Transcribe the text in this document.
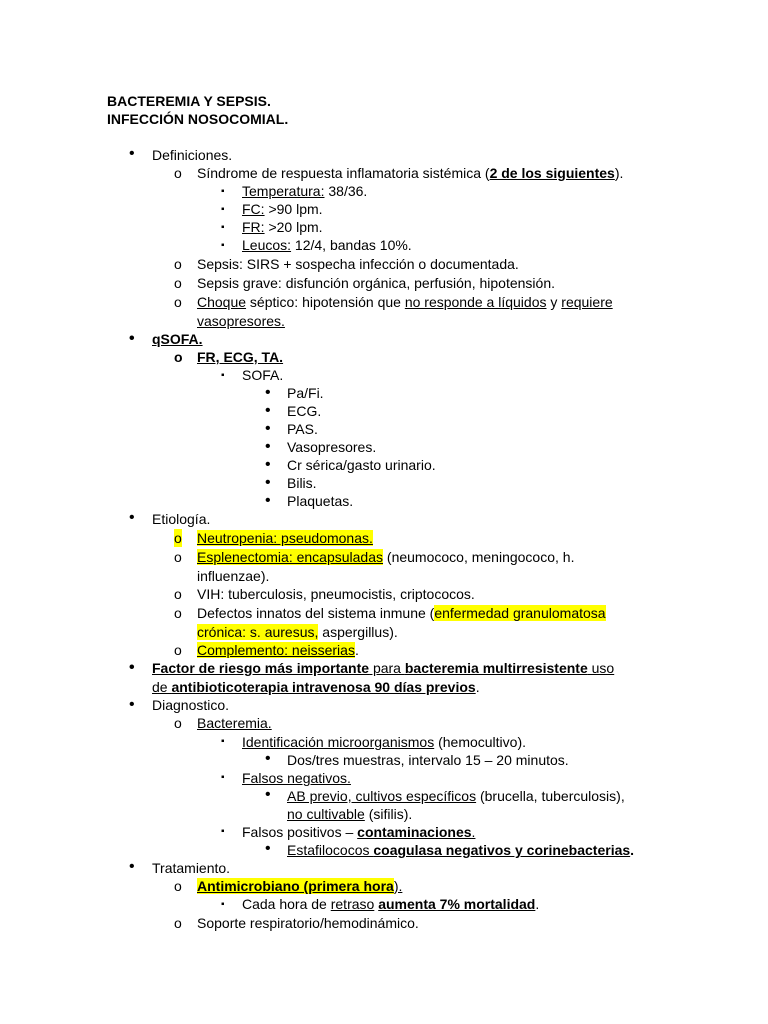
BACTEREMIA Y SEPSIS.
INFECCIÓN NOSOCOMIAL.
• Definiciones.
o Síndrome de respuesta inflamatoria sistémica (2 de los siguientes).
▪ Temperatura: 38/36.
▪ FC: >90 lpm.
▪ FR: >20 lpm.
▪ Leucos: 12/4, bandas 10%.
o Sepsis: SIRS + sospecha infección o documentada.
o Sepsis grave: disfunción orgánica, perfusión, hipotensión.
o Choque séptico: hipotensión que no responde a líquidos y requiere
vasopresores.
• qSOFA.
o FR, ECG, TA.
▪ SOFA.
• Pa/Fi.
• ECG.
• PAS.
• Vasopresores.
• Cr sérica/gasto urinario.
• Bilis.
• Plaquetas.
• Etiología.
o Neutropenia: pseudomonas.
o Esplenectomia: encapsuladas (neumococo, meningococo, h.
influenzae).
o VIH: tuberculosis, pneumocistis, criptococos.
o Defectos innatos del sistema inmune (enfermedad granulomatosa
crónica: s. auresus, aspergillus).
o Complemento: neisserias.
• Factor de riesgo más importante para bacteremia multirresistente uso
de antibioticoterapia intravenosa 90 días previos.
• Diagnostico.
o Bacteremia.
▪ Identificación microorganismos (hemocultivo).
• Dos/tres muestras, intervalo 15 – 20 minutos.
▪ Falsos negativos.
• AB previo, cultivos específicos (brucella, tuberculosis),
no cultivable (sifilis).
▪ Falsos positivos – contaminaciones.
• Estafilococos coagulasa negativos y corinebacterias.
• Tratamiento.
o Antimicrobiano (primera hora).
▪ Cada hora de retraso aumenta 7% mortalidad.
o Soporte respiratorio/hemodinámico.
